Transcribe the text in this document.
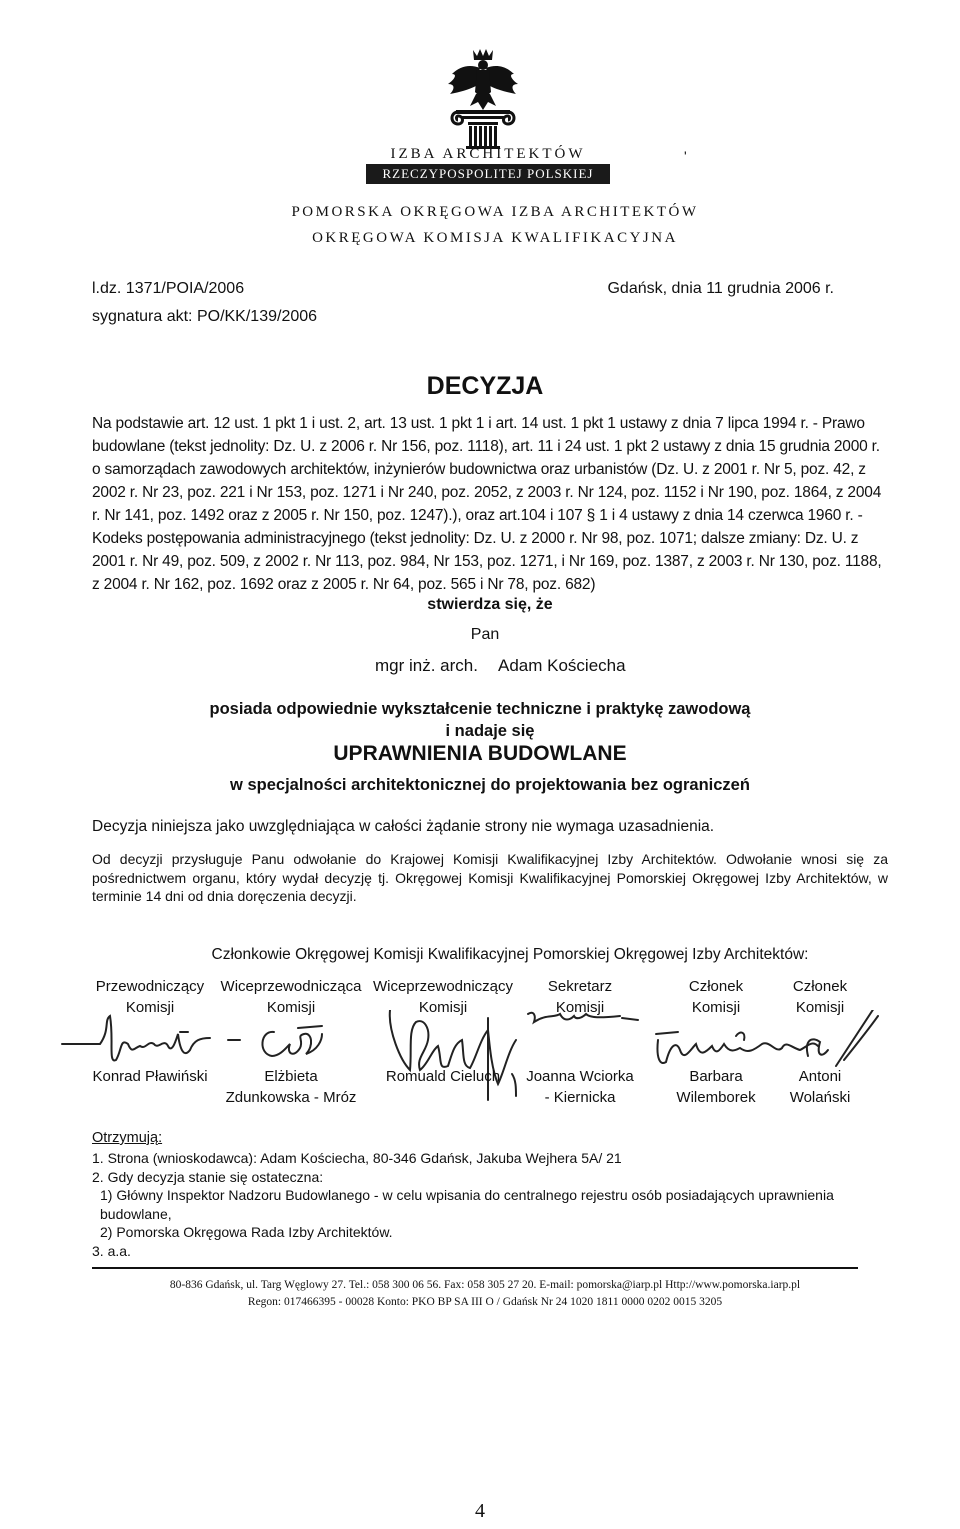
IZBA ARCHITEKTÓW
RZECZYPOSPOLITEJ POLSKIEJ
'
POMORSKA OKRĘGOWA IZBA ARCHITEKTÓW
OKRĘGOWA KOMISJA KWALIFIKACYJNA
l.dz. 1371/POIA/2006
sygnatura akt: PO/KK/139/2006
Gdańsk, dnia 11 grudnia 2006 r.
DECYZJA
Na podstawie art. 12 ust. 1 pkt 1 i ust. 2, art. 13 ust. 1 pkt 1 i art. 14 ust. 1 pkt 1 ustawy z dnia 7 lipca 1994 r. - Prawo budowlane (tekst jednolity: Dz. U. z 2006 r. Nr 156, poz. 1118), art. 11 i 24 ust. 1 pkt 2 ustawy z dnia 15 grudnia 2000 r. o samorządach zawodowych architektów, inżynierów budownictwa oraz urbanistów (Dz. U. z 2001 r. Nr 5, poz. 42, z 2002 r. Nr 23, poz. 221 i Nr 153, poz. 1271 i Nr 240, poz. 2052, z 2003 r. Nr 124, poz. 1152 i Nr 190, poz. 1864, z 2004 r. Nr 141, poz. 1492 oraz z 2005 r. Nr 150, poz. 1247).), oraz art.104 i 107 § 1 i 4 ustawy z dnia 14 czerwca 1960 r. - Kodeks postępowania administracyjnego (tekst jednolity: Dz. U. z 2000 r. Nr 98, poz. 1071; dalsze zmiany: Dz. U. z 2001 r. Nr 49, poz. 509, z 2002 r. Nr 113, poz. 984, Nr 153, poz. 1271, i Nr 169, poz. 1387, z 2003 r. Nr 130, poz. 1188, z 2004 r. Nr 162, poz. 1692 oraz z 2005 r. Nr 64, poz. 565 i Nr 78, poz. 682)
stwierdza się, że
Pan
mgr inż. arch. Adam Kościecha
posiada odpowiednie wykształcenie techniczne i praktykę zawodową
i nadaje się
UPRAWNIENIA BUDOWLANE
w specjalności architektonicznej do projektowania bez ograniczeń
Decyzja niniejsza jako uwzględniająca w całości żądanie strony nie wymaga uzasadnienia.
Od decyzji przysługuje Panu odwołanie do Krajowej Komisji Kwalifikacyjnej Izby Architektów. Odwołanie wnosi się za pośrednictwem organu, który wydał decyzję tj. Okręgowej Komisji Kwalifikacyjnej Pomorskiej Okręgowej Izby Architektów, w terminie 14 dni od dnia doręczenia decyzji.
Członkowie Okręgowej Komisji Kwalifikacyjnej Pomorskiej Okręgowej Izby Architektów:
Przewodniczący
Komisji
Wiceprzewodnicząca
Komisji
Wiceprzewodniczący
Komisji
Sekretarz
Komisji
Członek
Komisji
Członek
Komisji
Konrad Pławiński	Elżbieta
Zdunkowska - Mróz
Romuald Cieluch	Joanna Wciorka
- Kiernicka
Barbara
Wilemborek
Antoni
Wolański
Otrzymują:
1. Strona (wnioskodawca): Adam Kościecha, 80-346 Gdańsk, Jakuba Wejhera 5A/ 21
2. Gdy decyzja stanie się ostateczna:
1) Główny Inspektor Nadzoru Budowlanego - w celu wpisania do centralnego rejestru osób posiadających uprawnienia budowlane,
2) Pomorska Okręgowa Rada Izby Architektów.
3. a.a.
80-836 Gdańsk, ul. Targ Węglowy 27. Tel.: 058 300 06 56. Fax: 058 305 27 20. E-mail: pomorska@iarp.pl Http://www.pomorska.iarp.pl
Regon: 017466395 - 00028 Konto: PKO BP SA III O / Gdańsk Nr 24 1020 1811 0000 0202 0015 3205
4
